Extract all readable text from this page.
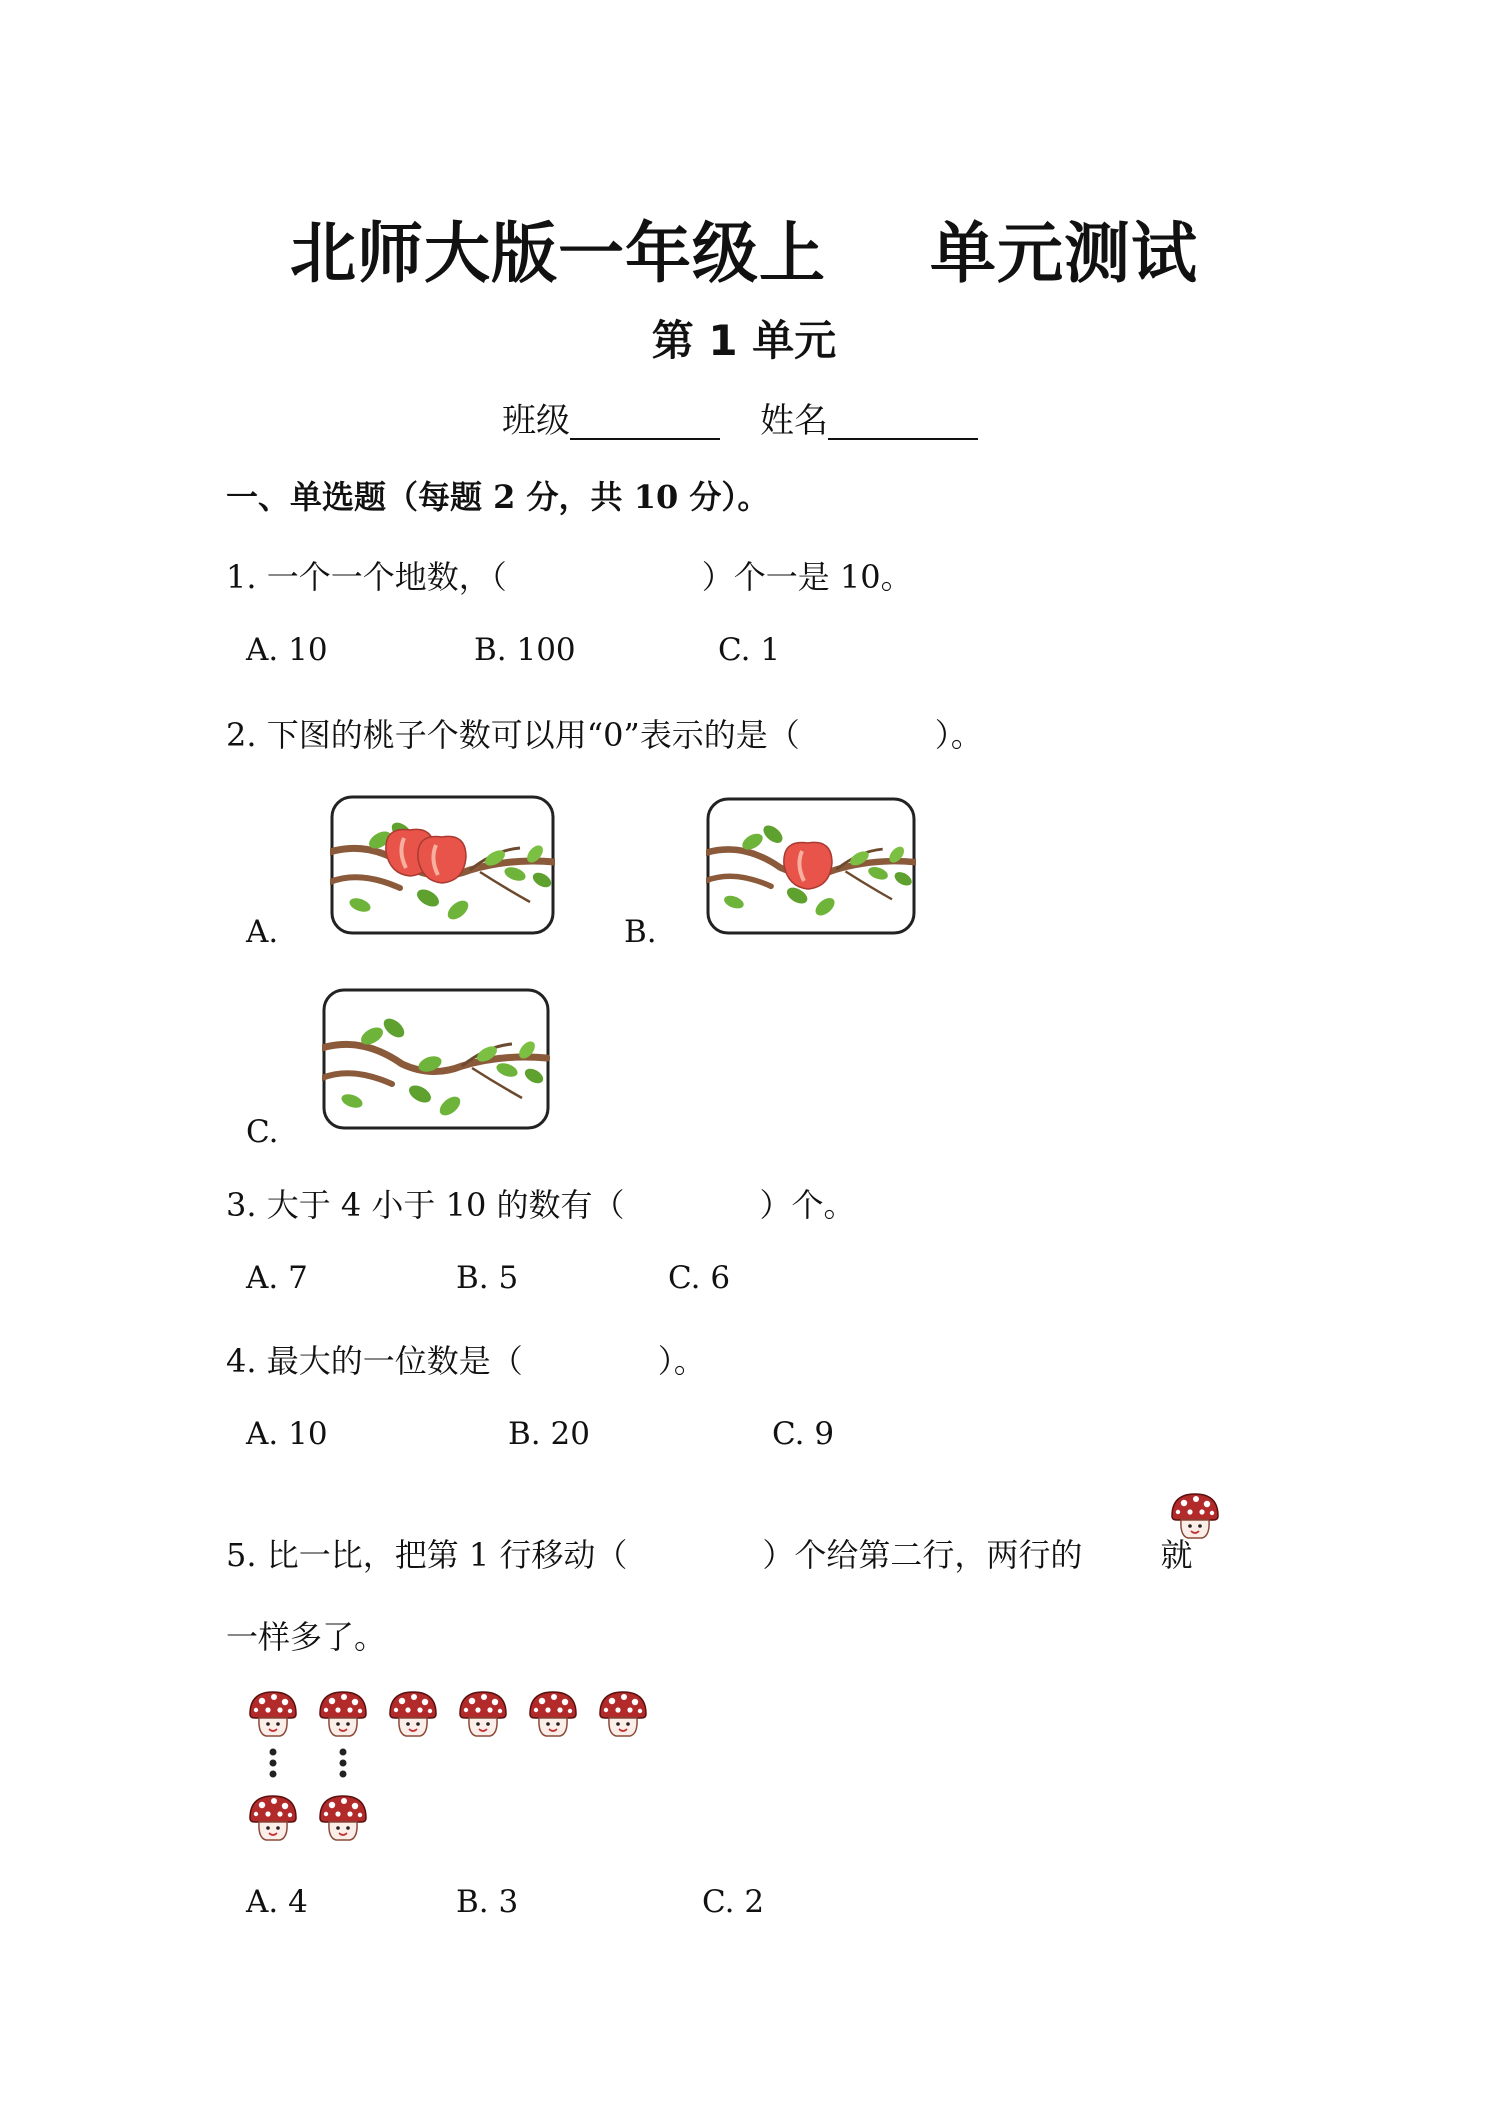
北师大版一年级上 单元测试
第 1 单元
班级	姓名
一、单选题（每题 2 分，共 10 分）。
1. 一个一个地数，（	）个一是 10。
A. 10	B. 100	C. 1
2. 下图的桃子个数可以用“0”表示的是（	）。
A.	B.
C.
3. 大于 4 小于 10 的数有（	）个。
A. 7	B. 5	C. 6
4. 最大的一位数是（	）。
A. 10	B. 20	C. 9
5. 比一比，把第 1 行移动（	）个给第二行，两行的 就
一样多了。
A. 4	B. 3	C. 2
